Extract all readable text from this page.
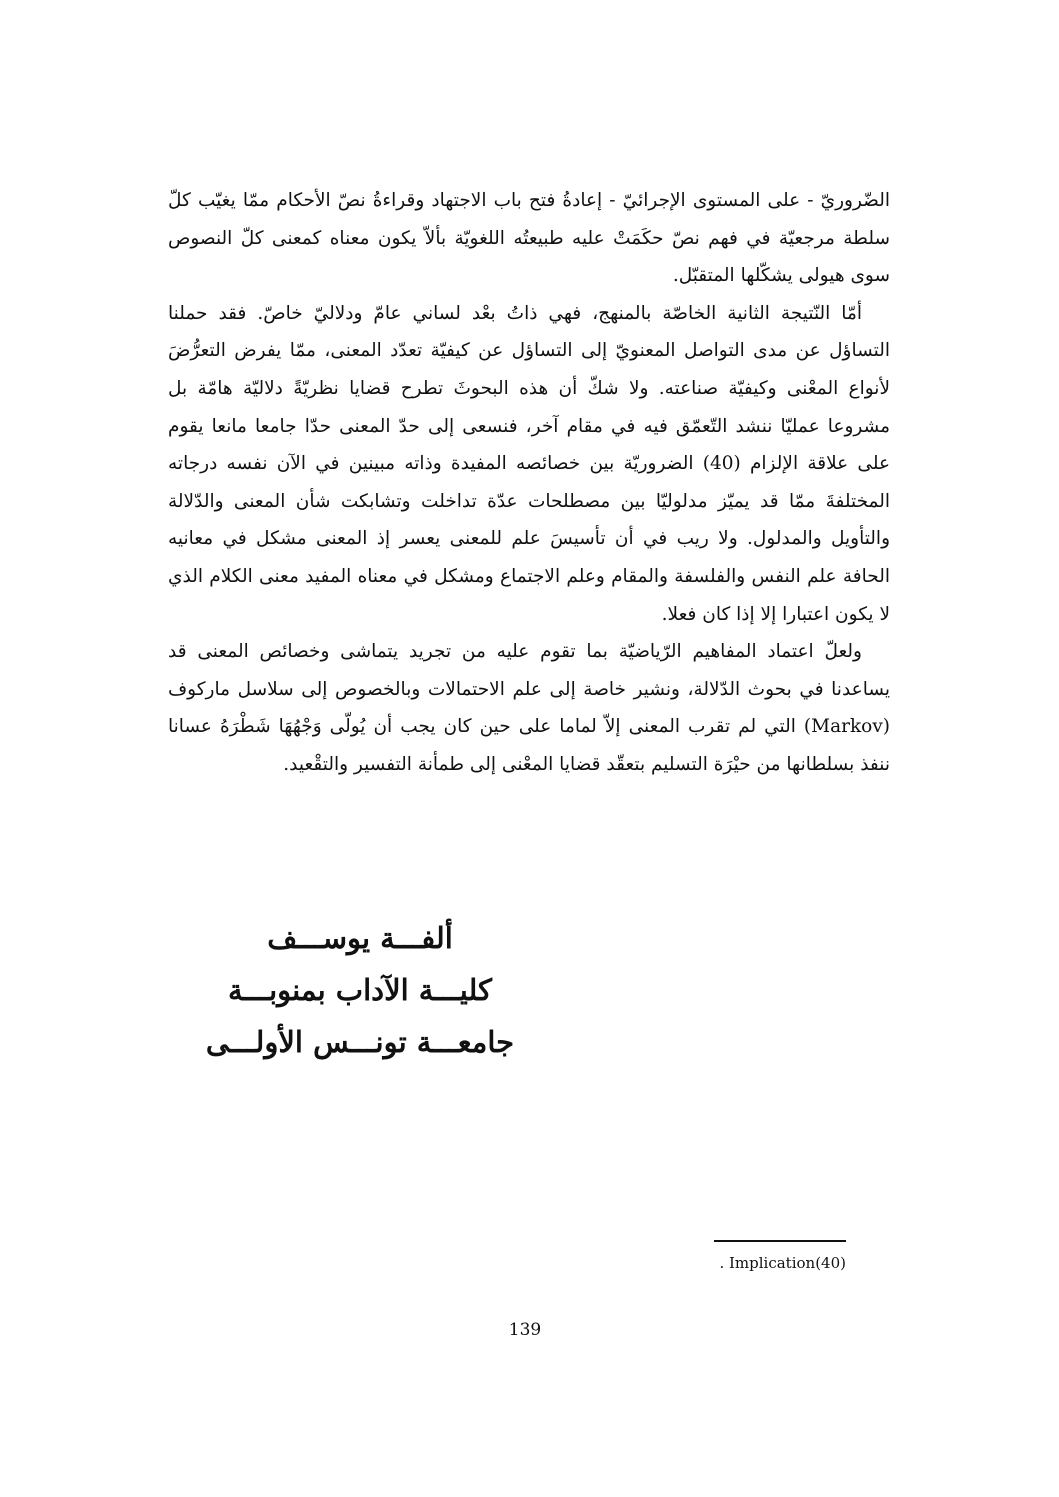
الضّروريّ - على المستوى الإجرائيّ - إعادةُ فتح باب الاجتهاد وقراءةُ نصّ الأحكام ممّا يغيّب كلّ سلطة مرجعيّة في فهم نصّ حكَمَتْ عليه طبيعتُه اللغويّة بألاّ يكون معناه كمعنى كلّ النصوص سوى هيولى يشكّلها المتقبّل.

أمّا النّتيجة الثانية الخاصّة بالمنهج، فهي ذاتُ بعْد لساني عامّ ودلاليّ خاصّ. فقد حملنا التساؤل عن مدى التواصل المعنويّ إلى التساؤل عن كيفيّة تعدّد المعنى، ممّا يفرض التعرُّضَ لأنواع المعْنى وكيفيّة صناعته. ولا شكّ أن هذه البحوثَ تطرح قضايا نظريّةً دلاليّة هامّة بل مشروعا عمليّا ننشد التّعمّق فيه في مقام آخر، فنسعى إلى حدّ المعنى حدّا جامعا مانعا يقوم على علاقة الإلزام (40) الضروريّة بين خصائصه المفيدة وذاته مبينين في الآن نفسه درجاته المختلفةَ ممّا قد يميّز مدلوليّا بين مصطلحات عدّة تداخلت وتشابكت شأن المعنى والدّلالة والتأويل والمدلول. ولا ريب في أن تأسيسَ علم للمعنى يعسر إذ المعنى مشكل في معانيه الحافة علم النفس والفلسفة والمقام وعلم الاجتماع ومشكل في معناه المفيد معنى الكلام الذي لا يكون اعتبارا إلا إذا كان فعلا.

ولعلّ اعتماد المفاهيم الرّياضيّة بما تقوم عليه من تجريد يتماشى وخصائص المعنى قد يساعدنا في بحوث الدّلالة، ونشير خاصة إلى علم الاحتمالات وبالخصوص إلى سلاسل ماركوف (Markov) التي لم تقرب المعنى إلاّ لماما على حين كان يجب أن يُولّى وَجْهُهَا شَطْرَهُ عسانا ننفذ بسلطانها من حيْرَة التسليم بتعقّد قضايا المعْنى إلى طمأنة التفسير والتقْعيد.

ألفـــة يوســـف
كليـــة الآداب بمنوبـــة
جامعـــة تونـــس الأولـــى
. Implication(40)
139
